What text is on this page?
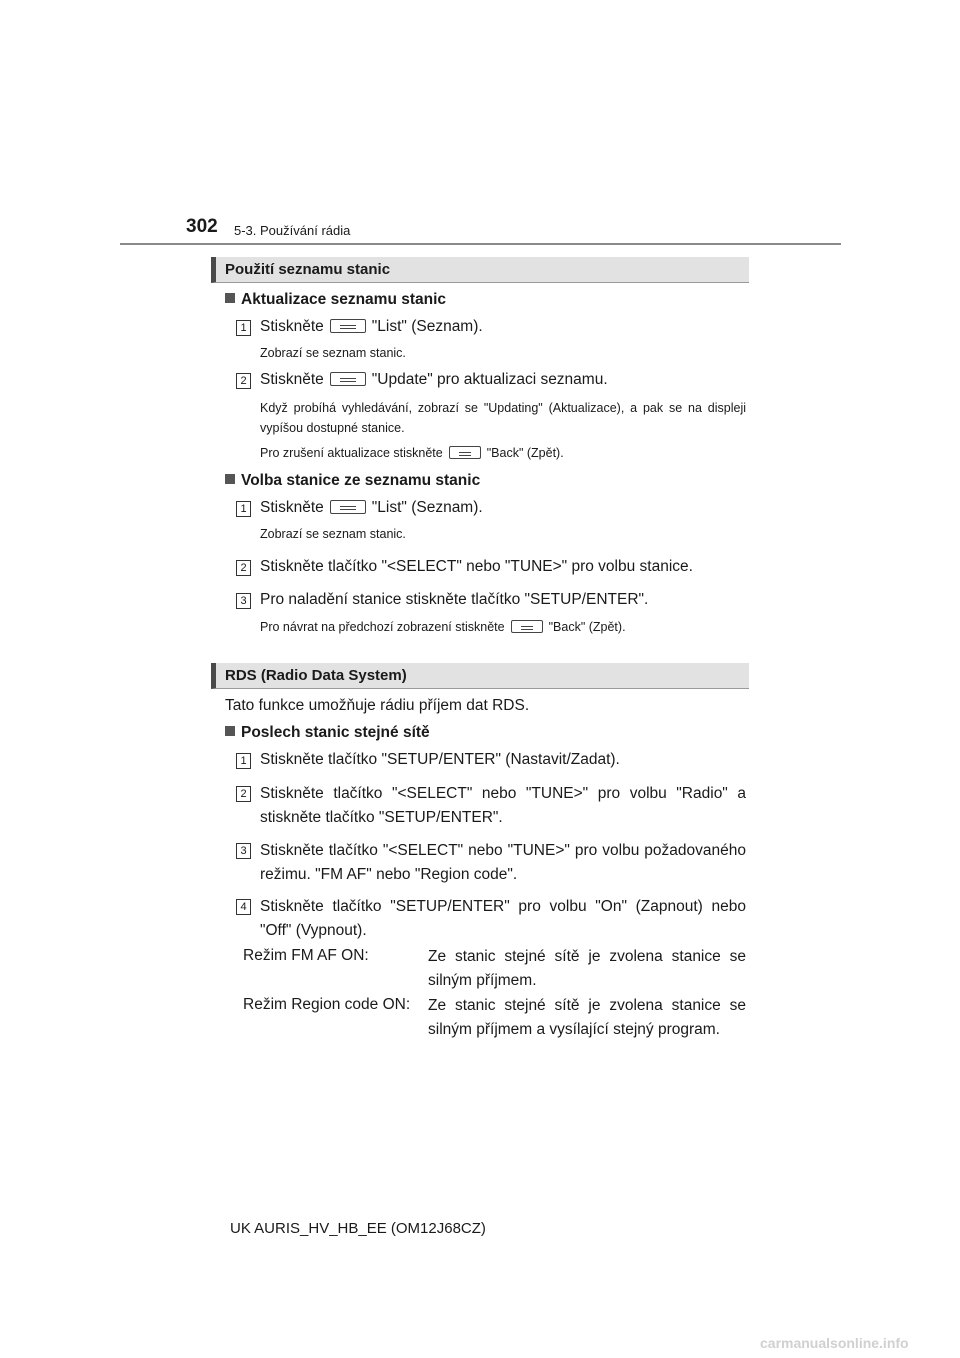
302 5-3. Používání rádia
Použití seznamu stanic
Aktualizace seznamu stanic
1 Stiskněte	"List" (Seznam).
Zobrazí se seznam stanic.
2 Stiskněte	"Update" pro aktualizaci seznamu.
Když probíhá vyhledávání, zobrazí se "Updating" (Aktualizace), a pak se na displeji vypíšou dostupné stanice.
Pro zrušení aktualizace stiskněte	"Back" (Zpět).
Volba stanice ze seznamu stanic
1 Stiskněte	"List" (Seznam).
Zobrazí se seznam stanic.
2 Stiskněte tlačítko "<SELECT" nebo "TUNE>" pro volbu stanice.
3 Pro naladění stanice stiskněte tlačítko "SETUP/ENTER".
Pro návrat na předchozí zobrazení stiskněte	"Back" (Zpět).
RDS (Radio Data System)
Tato funkce umožňuje rádiu příjem dat RDS.
Poslech stanic stejné sítě
1 Stiskněte tlačítko "SETUP/ENTER" (Nastavit/Zadat).
2 Stiskněte tlačítko "<SELECT" nebo "TUNE>" pro volbu "Radio" a stiskněte tlačítko "SETUP/ENTER".
3 Stiskněte tlačítko "<SELECT" nebo "TUNE>" pro volbu požadovaného režimu. "FM AF" nebo "Region code".
4 Stiskněte tlačítko "SETUP/ENTER" pro volbu "On" (Zapnout) nebo "Off" (Vypnout).
Režim FM AF ON:	Ze stanic stejné sítě je zvolena stanice se silným příjmem.
Režim Region code ON: Ze stanic stejné sítě je zvolena stanice se silným příjmem a vysílající stejný program.
UK AURIS_HV_HB_EE (OM12J68CZ)
carmanualsonline.info
